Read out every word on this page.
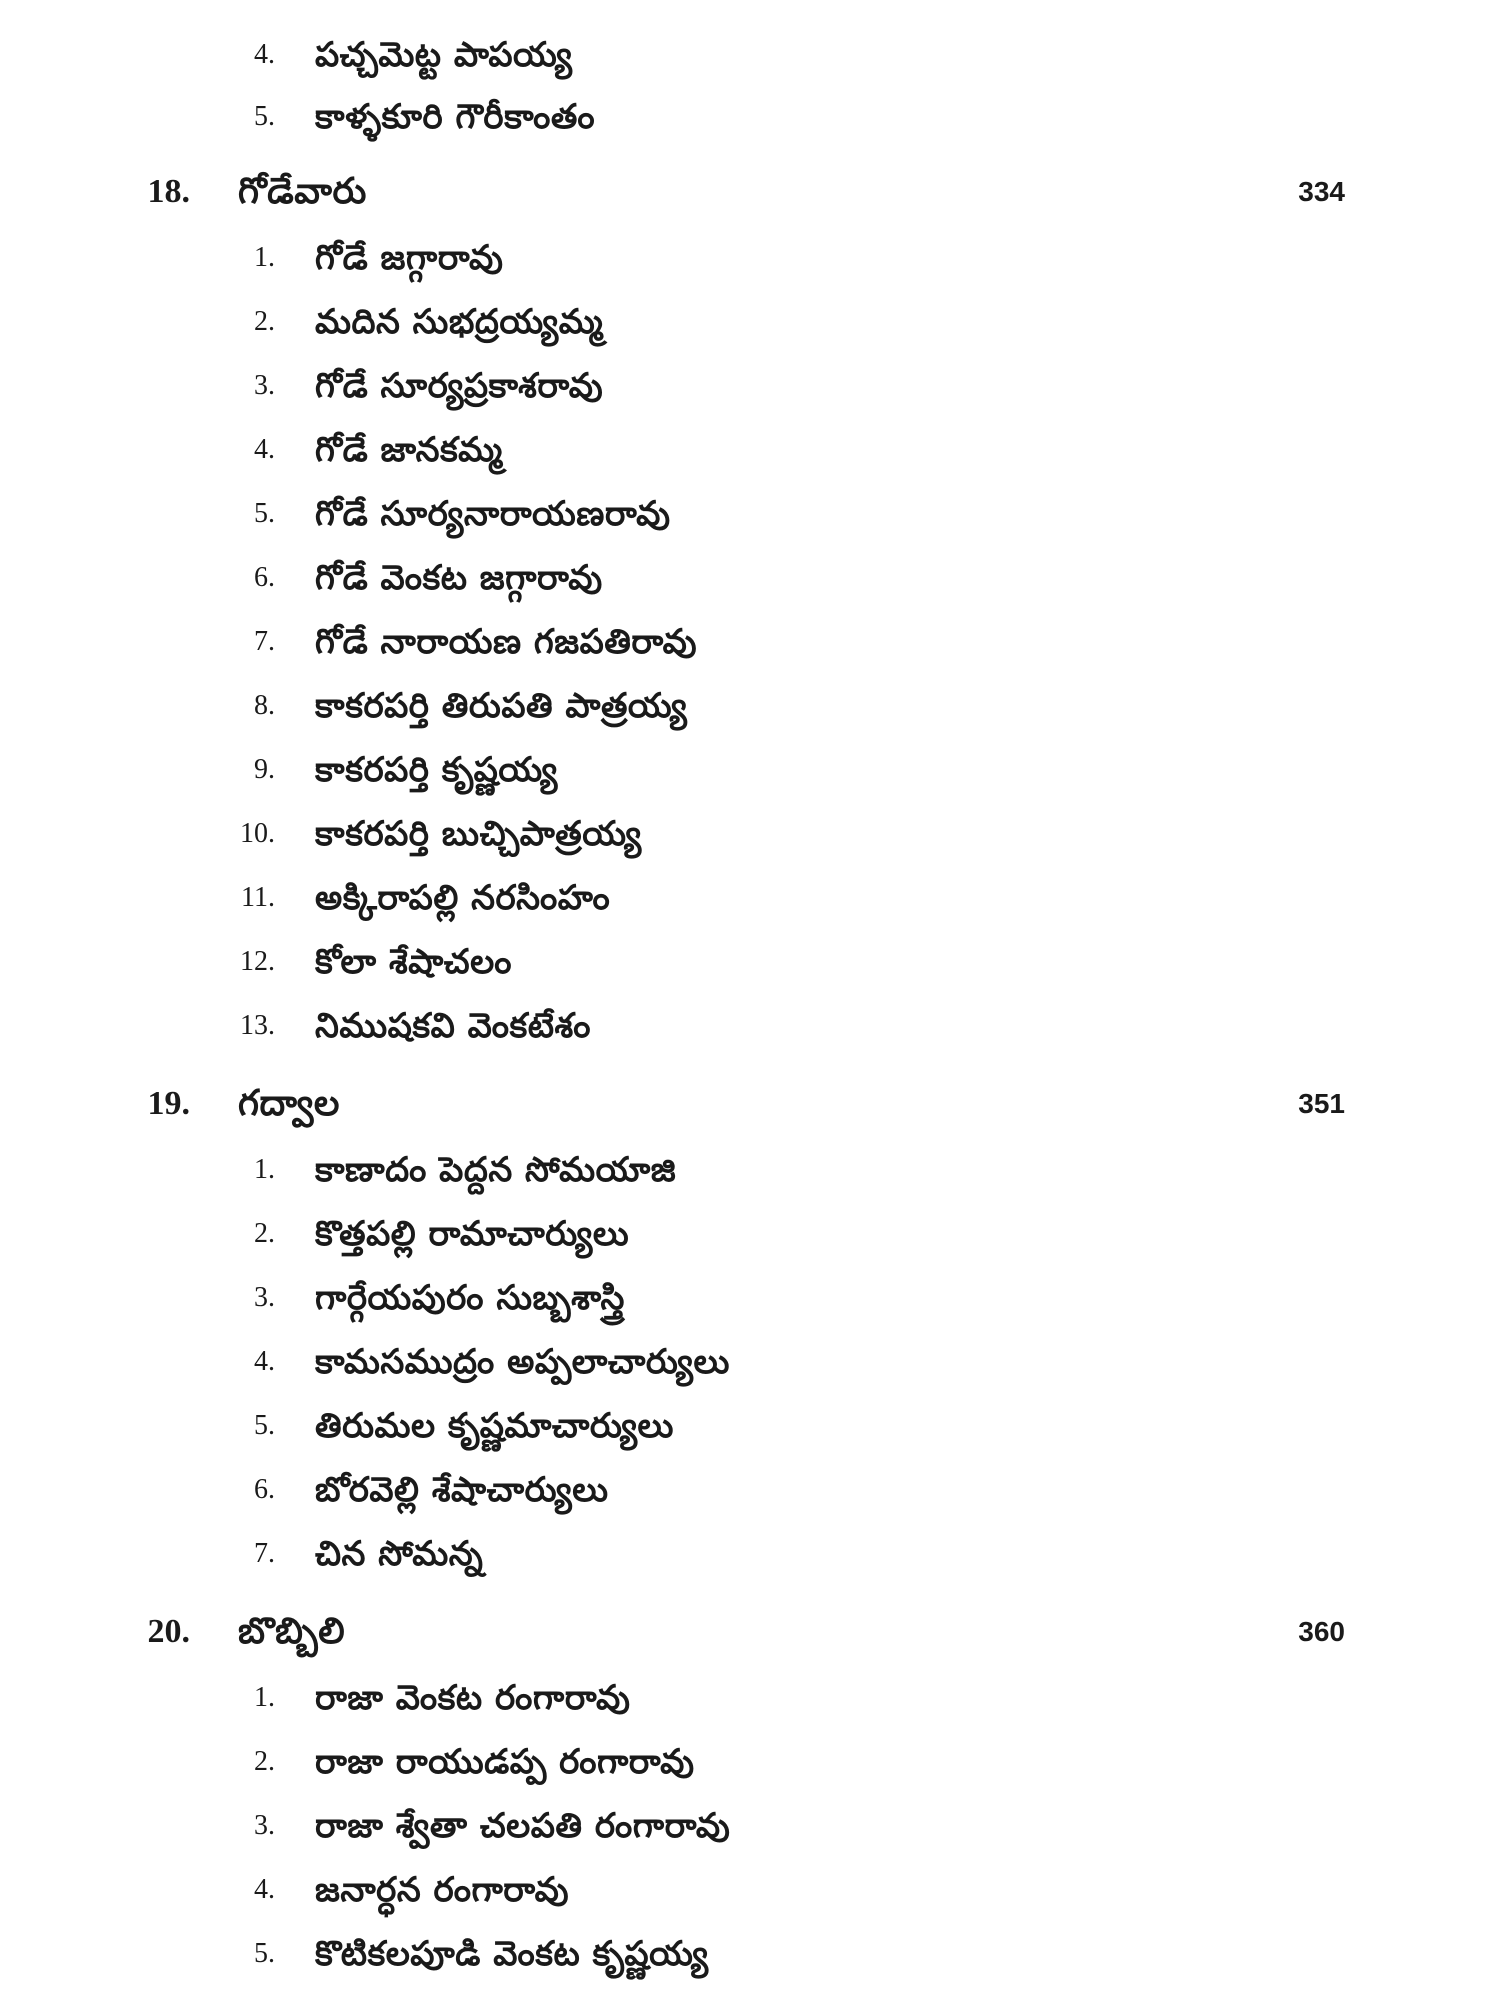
4. పచ్చమెట్ట పాపయ్య
5. కాళ్ళకూరి గౌరీకాంతం
18. గోడేవారు	334
1. గోడే జగ్గారావు
2. మదిన సుభద్రయ్యమ్మ
3. గోడే సూర్యప్రకాశరావు
4. గోడే జానకమ్మ
5. గోడే సూర్యనారాయణరావు
6. గోడే వెంకట జగ్గారావు
7. గోడే నారాయణ గజపతిరావు
8. కాకరపర్తి తిరుపతి పాత్రయ్య
9. కాకరపర్తి కృష్ణయ్య
10. కాకరపర్తి బుచ్చిపాత్రయ్య
11. అక్కిరాపల్లి నరసింహం
12. కోలా శేషాచలం
13. నిముషకవి వెంకటేశం
19. గద్వాల	351
1. కాణాదం పెద్దన సోమయాజి
2. కొత్తపల్లి రామాచార్యులు
3. గార్గేయపురం సుబ్బశాస్త్రి
4. కామసముద్రం అప్పలాచార్యులు
5. తిరుమల కృష్ణమాచార్యులు
6. బోరవెల్లి శేషాచార్యులు
7. చిన సోమన్న
20. బొబ్బిలి	360
1. రాజా వెంకట రంగారావు
2. రాజా రాయుడప్ప రంగారావు
3. రాజా శ్వేతా చలపతి రంగారావు
4. జనార్ధన రంగారావు
5. కొటికలపూడి వెంకట కృష్ణయ్య
